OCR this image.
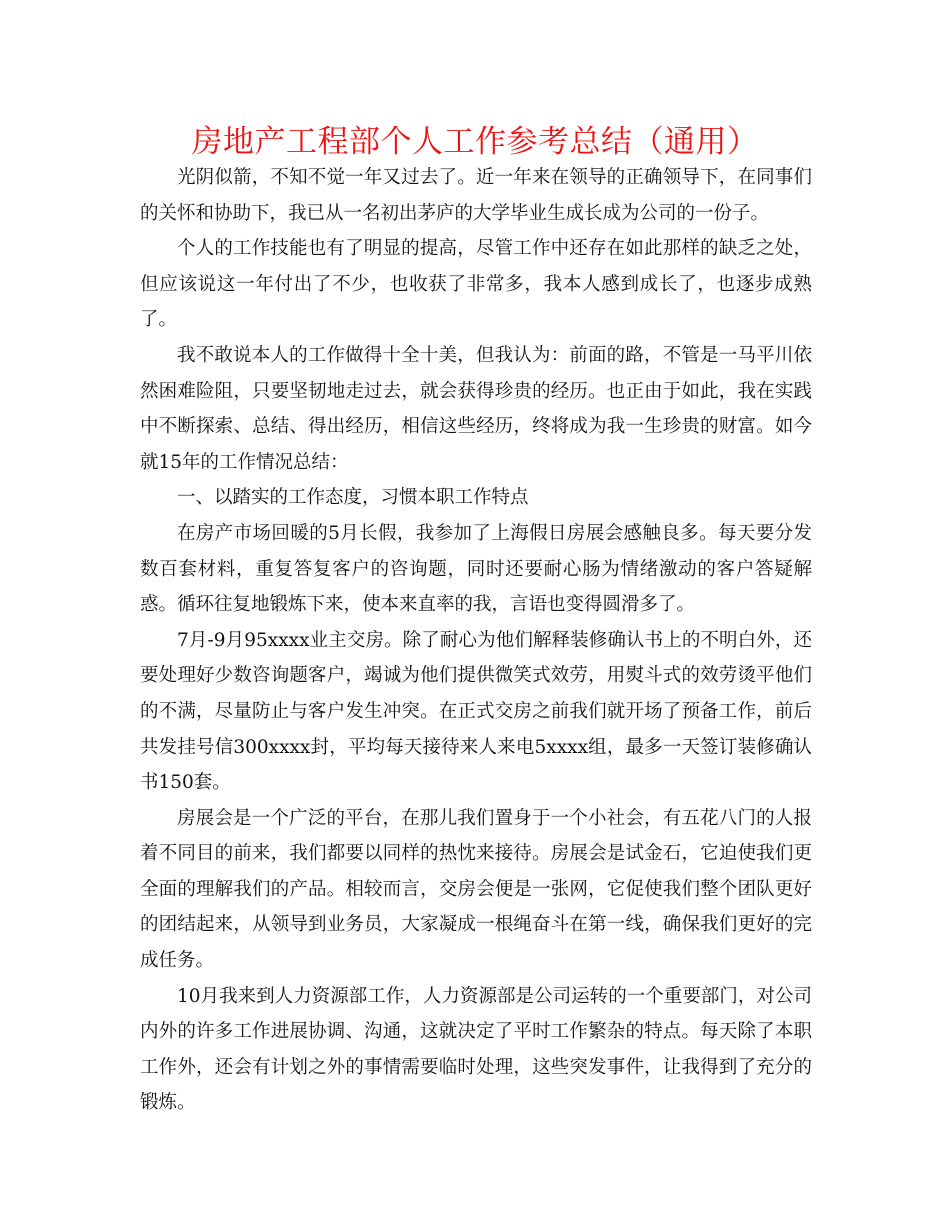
房地产工程部个人工作参考总结（通用）

光阴似箭，不知不觉一年又过去了。近一年来在领导的正确领导下，在同事们的关怀和协助下，我已从一名初出茅庐的大学毕业生成长成为公司的一份子。

个人的工作技能也有了明显的提高，尽管工作中还存在如此那样的缺乏之处，但应该说这一年付出了不少，也收获了非常多，我本人感到成长了，也逐步成熟了。

我不敢说本人的工作做得十全十美，但我认为：前面的路，不管是一马平川依然困难险阻，只要坚韧地走过去，就会获得珍贵的经历。也正由于如此，我在实践中不断探索、总结、得出经历，相信这些经历，终将成为我一生珍贵的财富。如今就15年的工作情况总结：

一、以踏实的工作态度，习惯本职工作特点

在房产市场回暖的5月长假，我参加了上海假日房展会感触良多。每天要分发数百套材料，重复答复客户的咨询题，同时还要耐心肠为情绪激动的客户答疑解惑。循环往复地锻炼下来，使本来直率的我，言语也变得圆滑多了。

7月-9月95xxxx业主交房。除了耐心为他们解释装修确认书上的不明白外，还要处理好少数咨询题客户，竭诚为他们提供微笑式效劳，用熨斗式的效劳烫平他们的不满，尽量防止与客户发生冲突。在正式交房之前我们就开场了预备工作，前后共发挂号信300xxxx封，平均每天接待来人来电5xxxx组，最多一天签订装修确认书150套。

房展会是一个广泛的平台，在那儿我们置身于一个小社会，有五花八门的人报着不同目的前来，我们都要以同样的热忱来接待。房展会是试金石，它迫使我们更全面的理解我们的产品。相较而言，交房会便是一张网，它促使我们整个团队更好的团结起来，从领导到业务员，大家凝成一根绳奋斗在第一线，确保我们更好的完成任务。

10月我来到人力资源部工作，人力资源部是公司运转的一个重要部门，对公司内外的许多工作进展协调、沟通，这就决定了平时工作繁杂的特点。每天除了本职工作外，还会有计划之外的事情需要临时处理，这些突发事件，让我得到了充分的锻炼。
